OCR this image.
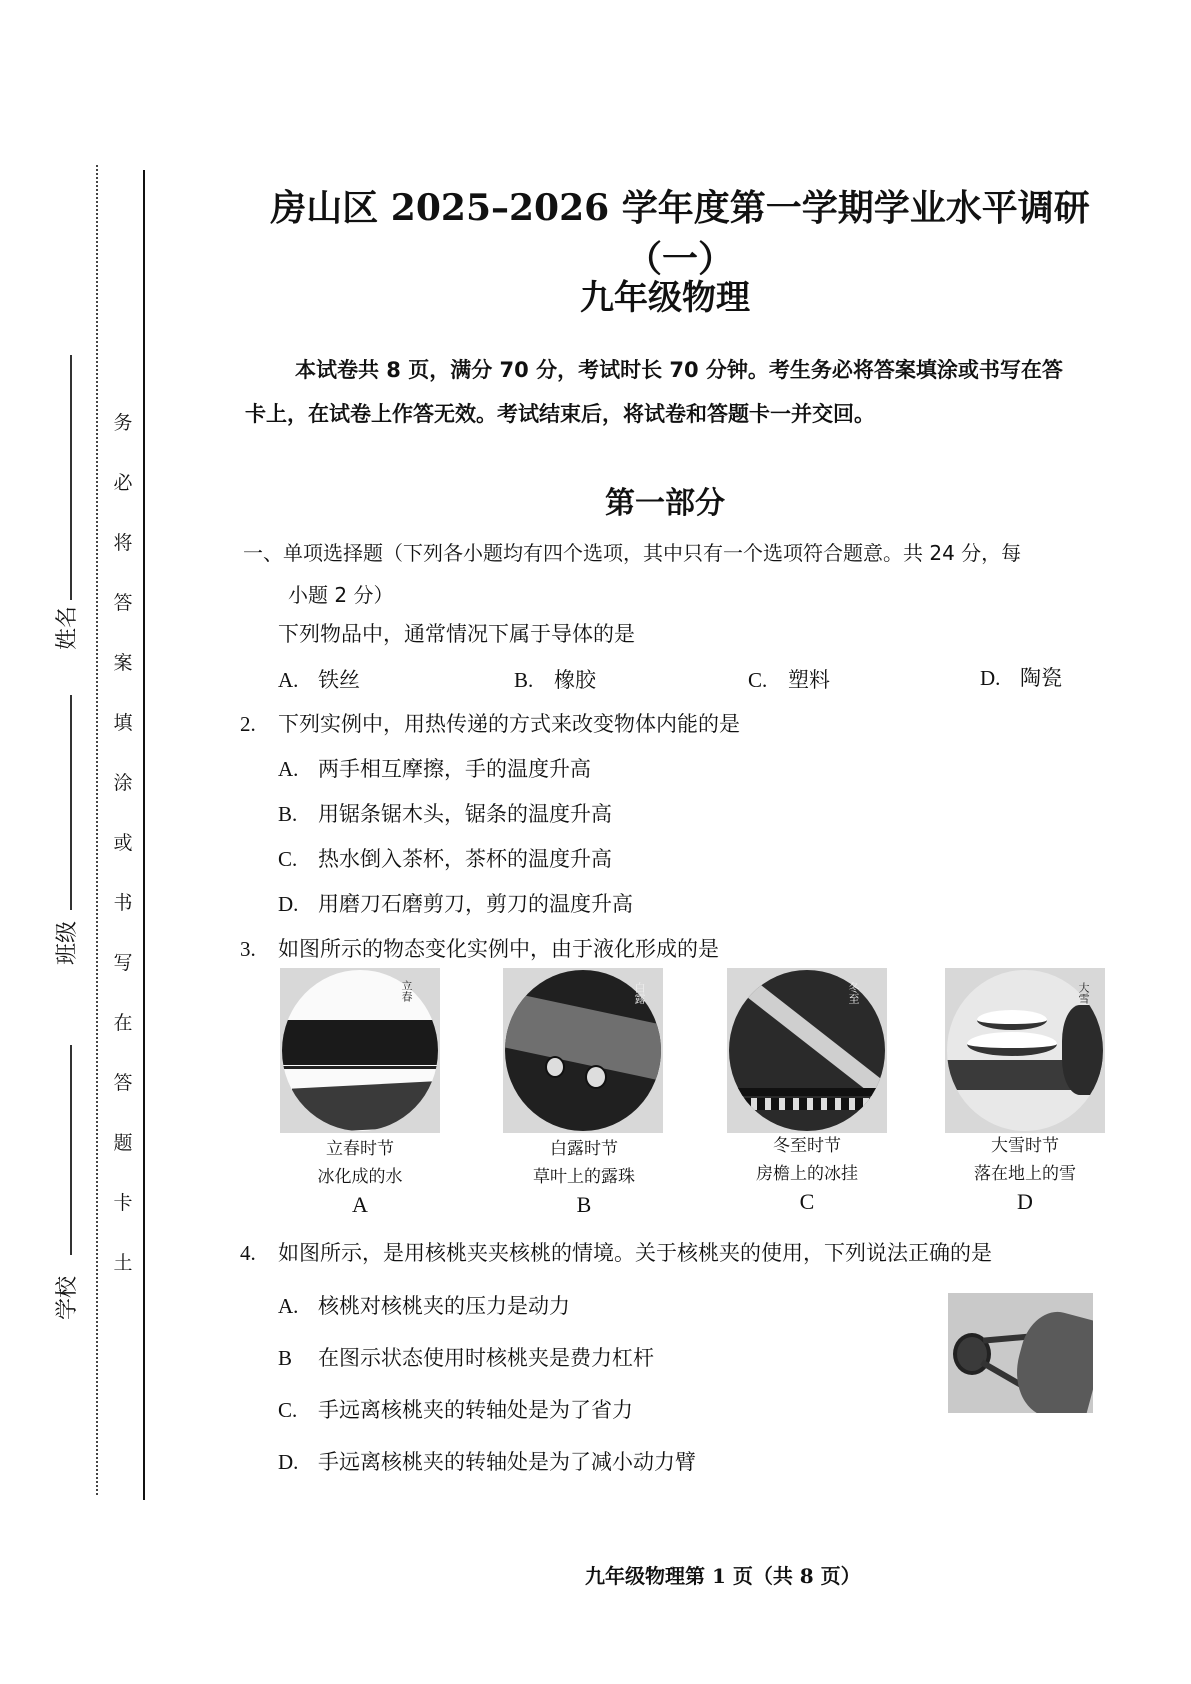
务
必
将
答
案
填
涂
或
书
写
在
答
题
卡
土
姓名
班级
学校
房山区 2025–2026 学年度第一学期学业水平调研（一）
九年级物理
本试卷共 8 页，满分 70 分，考试时长 70 分钟。考生务必将答案填涂或书写在答
卡上，在试卷上作答无效。考试结束后，将试卷和答题卡一并交回。
第一部分
一、单项选择题（下列各小题均有四个选项，其中只有一个选项符合题意。共 24 分，每
小题 2 分）
下列物品中，通常情况下属于导体的是
A. 铁丝	B. 橡胶	C. 塑料	D. 陶瓷
2. 下列实例中，用热传递的方式来改变物体内能的是
A. 两手相互摩擦，手的温度升高
B. 用锯条锯木头，锯条的温度升高
C. 热水倒入茶杯，茶杯的温度升高
D. 用磨刀石磨剪刀，剪刀的温度升高
3. 如图所示的物态变化实例中，由于液化形成的是
立春	白露	冬至	大雪
立春时节
冰化成的水
A
白露时节
草叶上的露珠
B
冬至时节
房檐上的冰挂
C
大雪时节
落在地上的雪
D
4. 如图所示，是用核桃夹夹核桃的情境。关于核桃夹的使用，下列说法正确的是
A. 核桃对核桃夹的压力是动力
B 在图示状态使用时核桃夹是费力杠杆
C. 手远离核桃夹的转轴处是为了省力
D. 手远离核桃夹的转轴处是为了减小动力臂
九年级物理第 1 页（共 8 页）
